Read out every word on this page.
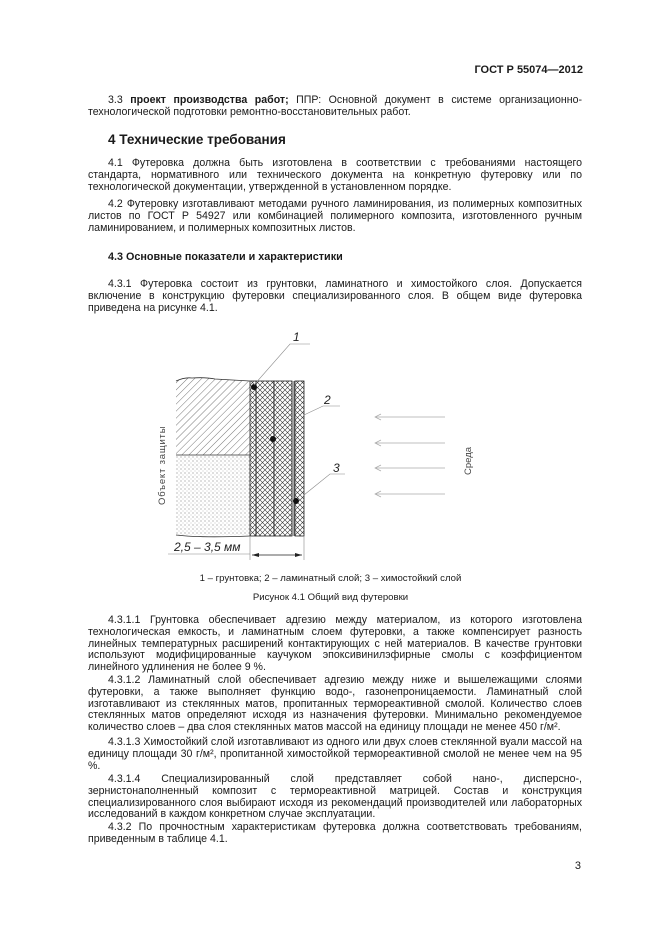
ГОСТ Р 55074—2012
3.3 проект производства работ; ППР: Основной документ в системе организационно-технологической подготовки ремонтно-восстановительных работ.
4 Технические требования
4.1 Футеровка должна быть изготовлена в соответствии с требованиями настоящего стандарта, нормативного или технического документа на конкретную футеровку или по технологической документации, утвержденной в установленном порядке.
4.2 Футеровку изготавливают методами ручного ламинирования, из полимерных композитных листов по ГОСТ Р 54927 или комбинацией полимерного композита, изготовленного ручным ламинированием, и полимерных композитных листов.
4.3 Основные показатели и характеристики
4.3.1 Футеровка состоит из грунтовки, ламинатного и химостойкого слоя. Допускается включение в конструкцию футеровки специализированного слоя. В общем виде футеровка приведена на рисунке 4.1.
1
2
3
Объект защиты	Среда
2,5 – 3,5 мм
1 – грунтовка; 2 – ламинатный слой; 3 – химостойкий слой
Рисунок 4.1 Общий вид футеровки
4.3.1.1 Грунтовка обеспечивает адгезию между материалом, из которого изготовлена технологическая емкость, и ламинатным слоем футеровки, а также компенсирует разность линейных температурных расширений контактирующих с ней материалов. В качестве грунтовки используют модифицированные каучуком эпоксивинилэфирные смолы с коэффициентом линейного удлинения не более 9 %.
4.3.1.2 Ламинатный слой обеспечивает адгезию между ниже и вышележащими слоями футеровки, а также выполняет функцию водо-, газонепроницаемости. Ламинатный слой изготавливают из стеклянных матов, пропитанных термореактивной смолой. Количество слоев стеклянных матов определяют исходя из назначения футеровки. Минимально рекомендуемое количество слоев – два слоя стеклянных матов массой на единицу площади не менее 450 г/м².
4.3.1.3 Химостойкий слой изготавливают из одного или двух слоев стеклянной вуали массой на единицу площади 30 г/м², пропитанной химостойкой термореактивной смолой не менее чем на 95 %.
4.3.1.4 Специализированный слой представляет собой нано-, дисперсно-, зернистонаполненный композит с термореактивной матрицей. Состав и конструкция специализированного слоя выбирают исходя из рекомендаций производителей или лабораторных исследований в каждом конкретном случае эксплуатации.
4.3.2 По прочностным характеристикам футеровка должна соответствовать требованиям, приведенным в таблице 4.1.
3
